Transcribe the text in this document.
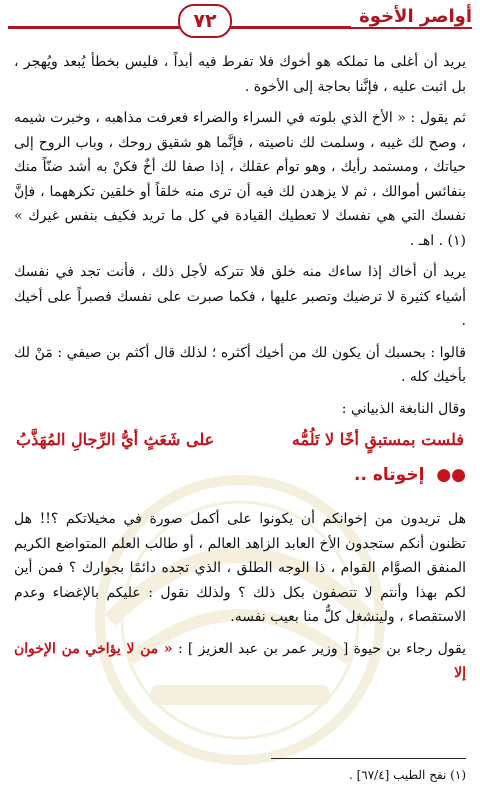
أواصر الأخوة
٧٢

يريد أن أغلى ما تملكه هو أخوك فلا تفرط فيه أبداً ، فليس بخطأ يُبعد ويُهجر ، بل اثبت عليه ، فإنَّنا بحاجة إلى الأخوة .

ثم يقول : « الأخ الذي بلوته في السراء والضراء فعرفت مذاهبه ، وخبرت شيمه ، وصح لك غيبه ، وسلمت لك ناصيته ، فإنَّما هو شقيق روحك ، وباب الروح إلى حياتك ، ومستمد رأيك ، وهو توأم عقلك ، إذا صفا لك أخٌ فكنْ به أشد ضنّاً منك بنفائس أموالك ، ثم لا يزهدن لك فيه أن ترى منه خلقاً أو خلقين تكرههما ، فإنَّ نفسك التي هي نفسك لا تعطيك القيادة في كل ما تريد فكيف بنفس غيرك » (١) . اهـ .

يريد أن أخاك إذا ساءك منه خلق فلا تتركه لأجل ذلك ، فأنت تجد في نفسك أشياء كثيرة لا ترضيك وتصبر عليها ، فكما صبرت على نفسك فصبراً على أخيك .

قالوا : بحسبك أن يكون لك من أخيك أكثره ؛ لذلك قال أكثم بن صيفي : مَنْ لك بأخيك كله .

وقال النابغة الذبياني :

فلست بمستبقٍ أخًا لا تَلُمُّه
على شَعَثٍ أيُّ الرِّجالِ المُهَذَّبُ
●● إخوتاه ..

هل تريدون من إخوانكم أن يكونوا على أكمل صورة في مخيلاتكم ؟!! هل تظنون أنكم ستجدون الأخ العابد الزاهد العالم ، أو طالب العلم المتواضع الكريم المنفق الصوَّام القوام ، ذا الوجه الطلق ، الذي تجده دائمًا بجوارك ؟ فمن أين لكم بهذا وأنتم لا تتصفون بكل ذلك ؟ ولذلك نقول : عليكم بالإغضاء وعدم الاستقصاء ، ولينشغل كلٌّ منا بعيب نفسه.

يقول رجاء بن حيوة [ وزير عمر بن عبد العزيز ] : « من لا يؤاخي من الإخوان إلا

(١) نفح الطيب [٦٧/٤] .
